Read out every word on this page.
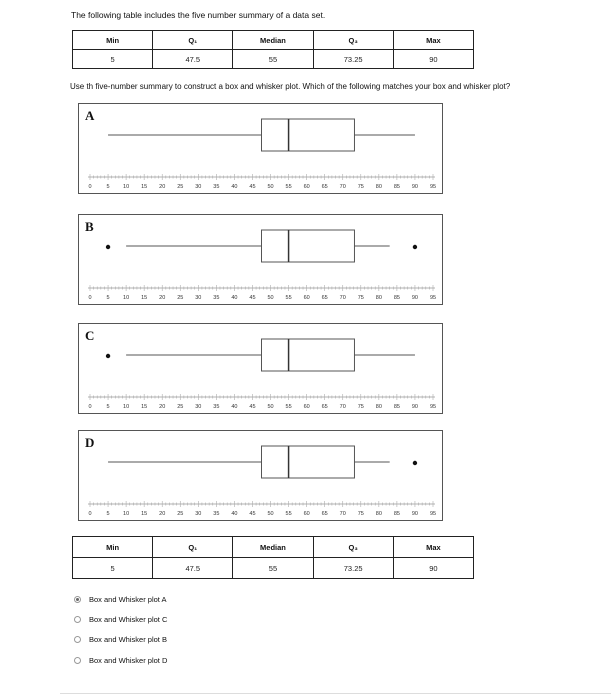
The following table includes the five number summary of a data set.
Min	Q₁	Median	Q₃	Max
5	47.5	55	73.25	90
Use th five-number summary to construct a box and whisker plot. Which of the following matches your box and whisker plot?
0	5 10 15 20 25 30 35 40 45 50 55 60 65 70 75 80 85 90 95
A
0	5 10 15 20 25 30 35 40 45 50 55 60 65 70 75 80 85 90 95
B
0	5 10 15 20 25 30 35 40 45 50 55 60 65 70 75 80 85 90 95
C
0	5 10 15 20 25 30 35 40 45 50 55 60 65 70 75 80 85 90 95
D
Min	Q₁	Median	Q₃	Max
5	47.5	55	73.25	90
Box and Whisker plot A
Box and Whisker plot C
Box and Whisker plot B
Box and Whisker plot D
